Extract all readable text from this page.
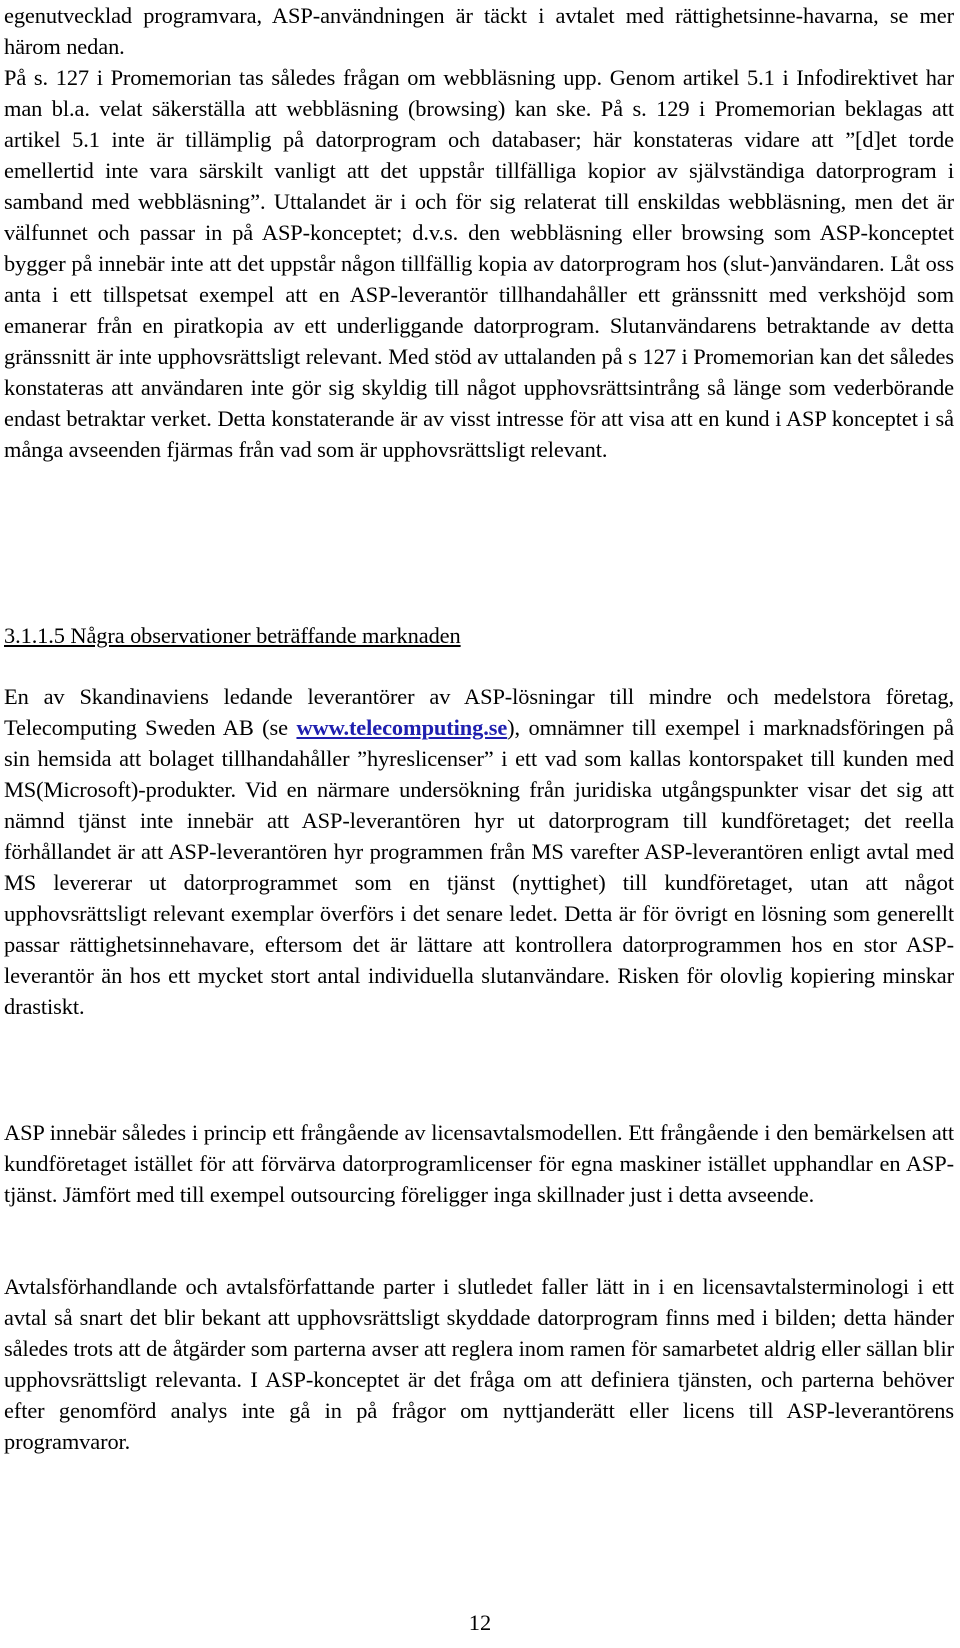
egenutvecklad programvara, ASP-användningen är täckt i avtalet med rättighetsinne-havarna, se mer härom nedan.

På s. 127 i Promemorian tas således frågan om webbläsning upp. Genom artikel 5.1 i Infodirektivet har man bl.a. velat säkerställa att webbläsning (browsing) kan ske. På s. 129 i Promemorian beklagas att artikel 5.1 inte är tillämplig på datorprogram och databaser; här konstateras vidare att ”[d]et torde emellertid inte vara särskilt vanligt att det uppstår tillfälliga kopior av självständiga datorprogram i samband med webbläsning”. Uttalandet är i och för sig relaterat till enskildas webbläsning, men det är välfunnet och passar in på ASP-konceptet; d.v.s. den webbläsning eller browsing som ASP-konceptet bygger på innebär inte att det uppstår någon tillfällig kopia av datorprogram hos (slut-)användaren. Låt oss anta i ett tillspetsat exempel att en ASP-leverantör tillhandahåller ett gränssnitt med verkshöjd som emanerar från en piratkopia av ett underliggande datorprogram. Slutanvändarens betraktande av detta gränssnitt är inte upphovsrättsligt relevant. Med stöd av uttalanden på s 127 i Promemorian kan det således konstateras att användaren inte gör sig skyldig till något upphovsrättsintrång så länge som vederbörande endast betraktar verket. Detta konstaterande är av visst intresse för att visa att en kund i ASP konceptet i så många avseenden fjärmas från vad som är upphovsrättsligt relevant.

3.1.1.5 Några observationer beträffande marknaden

En av Skandinaviens ledande leverantörer av ASP-lösningar till mindre och medelstora företag, Telecomputing Sweden AB (se www.telecomputing.se), omnämner till exempel i marknadsföringen på sin hemsida att bolaget tillhandahåller ”hyreslicenser” i ett vad som kallas kontorspaket till kunden med MS(Microsoft)-produkter. Vid en närmare undersökning från juridiska utgångspunkter visar det sig att nämnd tjänst inte innebär att ASP-leverantören hyr ut datorprogram till kundföretaget; det reella förhållandet är att ASP-leverantören hyr programmen från MS varefter ASP-leverantören enligt avtal med MS levererar ut datorprogrammet som en tjänst (nyttighet) till kundföretaget, utan att något upphovsrättsligt relevant exemplar överförs i det senare ledet. Detta är för övrigt en lösning som generellt passar rättighetsinnehavare, eftersom det är lättare att kontrollera datorprogrammen hos en stor ASP-leverantör än hos ett mycket stort antal individuella slutanvändare. Risken för olovlig kopiering minskar drastiskt.

ASP innebär således i princip ett frångående av licensavtalsmodellen. Ett frångående i den bemärkelsen att kundföretaget istället för att förvärva datorprogramlicenser för egna maskiner istället upphandlar en ASP-tjänst. Jämfört med till exempel outsourcing föreligger inga skillnader just i detta avseende.

Avtalsförhandlande och avtalsförfattande parter i slutledet faller lätt in i en licensavtalsterminologi i ett avtal så snart det blir bekant att upphovsrättsligt skyddade datorprogram finns med i bilden; detta händer således trots att de åtgärder som parterna avser att reglera inom ramen för samarbetet aldrig eller sällan blir upphovsrättsligt relevanta. I ASP-konceptet är det fråga om att definiera tjänsten, och parterna behöver efter genomförd analys inte gå in på frågor om nyttjanderätt eller licens till ASP-leverantörens programvaror.

12
